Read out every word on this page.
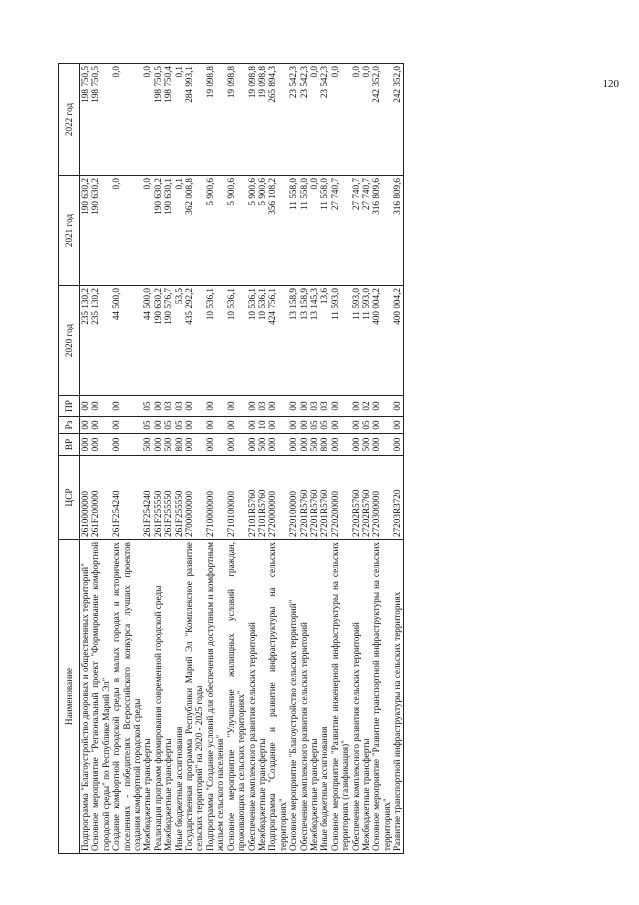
120
Наименование	ЦСР	ВР	Рз	ПР	2020 год	2021 год	2022 год
Подпрограмма "Благоустройство дворовых и общественных территорий"	2610000000	000	00	00	235 130,2	190 630,2	198 750,5
Основное мероприятие "Региональный проект "Формирование комфортной городской среды" по Республике Марий Эл"	261F200000	000	00	00	235 130,2	190 630,2	198 750,5
Создание комфортной городской среды в малых городах и исторических поселениях - победителях Всероссийского конкурса лучших проектов создания комфортной городской среды	261F254240	000	00	00	44 500,0	0,0	0,0
Межбюджетные трансферты	261F254240	500	05	05	44 500,0	0,0	0,0
Реализация программ формирования современной городской среды	261F255550	000	00	00	190 630,2	190 630,2	198 750,5
Межбюджетные трансферты	261F255550	500	05	03	190 576,7	190 630,1	198 750,4
Иные бюджетные ассигнования	261F255550	800	05	03	53,5	0,1	0,1
Государственная программа Республики Марий Эл "Комплексное развитие сельских территорий" на 2020 - 2025 годы	2700000000	000	00	00	435 292,2	362 008,8	284 993,1
Подпрограмма "Создание условий для обеспечения доступным и комфортным жильем сельского населения"	2710000000	000	00	00	10 536,1	5 900,6	19 098,8
Основное мероприятие "Улучшение жилищных условий граждан, проживающих на сельских территориях"	2710100000	000	00	00	10 536,1	5 900,6	19 098,8
Обеспечение комплексного развития сельских территорий	27101R5760	000	00	00	10 536,1	5 900,6	19 098,8
Межбюджетные трансферты	27101R5760	500	10	03	10 536,1	5 900,6	19 098,8
Подпрограмма "Создание и развитие инфраструктуры на сельских территориях"	2720000000	000	00	00	424 756,1	356 108,2	265 894,3
Основное мероприятие "Благоустройство сельских территорий"	2720100000	000	00	00	13 158,9	11 558,0	23 542,3
Обеспечение комплексного развития сельских территорий	27201R5760	000	00	00	13 158,9	11 558,0	23 542,3
Межбюджетные трансферты	27201R5760	500	05	03	13 145,3	0,0	0,0
Иные бюджетные ассигнования	27201R5760	800	05	03	13,6	11 558,0	23 542,3
Основное мероприятие "Развитие инженерной инфраструктуры на сельских территориях (газификация)"	2720200000	000	00	00	11 593,0	27 740,7	0,0
Обеспечение комплексного развития сельских территорий	27202R5760	000	00	00	11 593,0	27 740,7	0,0
Межбюджетные трансферты	27202R5760	500	05	02	11 593,0	27 740,7	0,0
Основное мероприятие "Развитие транспортной инфраструктуры на сельских территориях"	2720300000	000	00	00	400 004,2	316 809,6	242 352,0
Развитие транспортной инфраструктуры на сельских территориях	27203R3720	000	00	00	400 004,2	316 809,6	242 352,0
